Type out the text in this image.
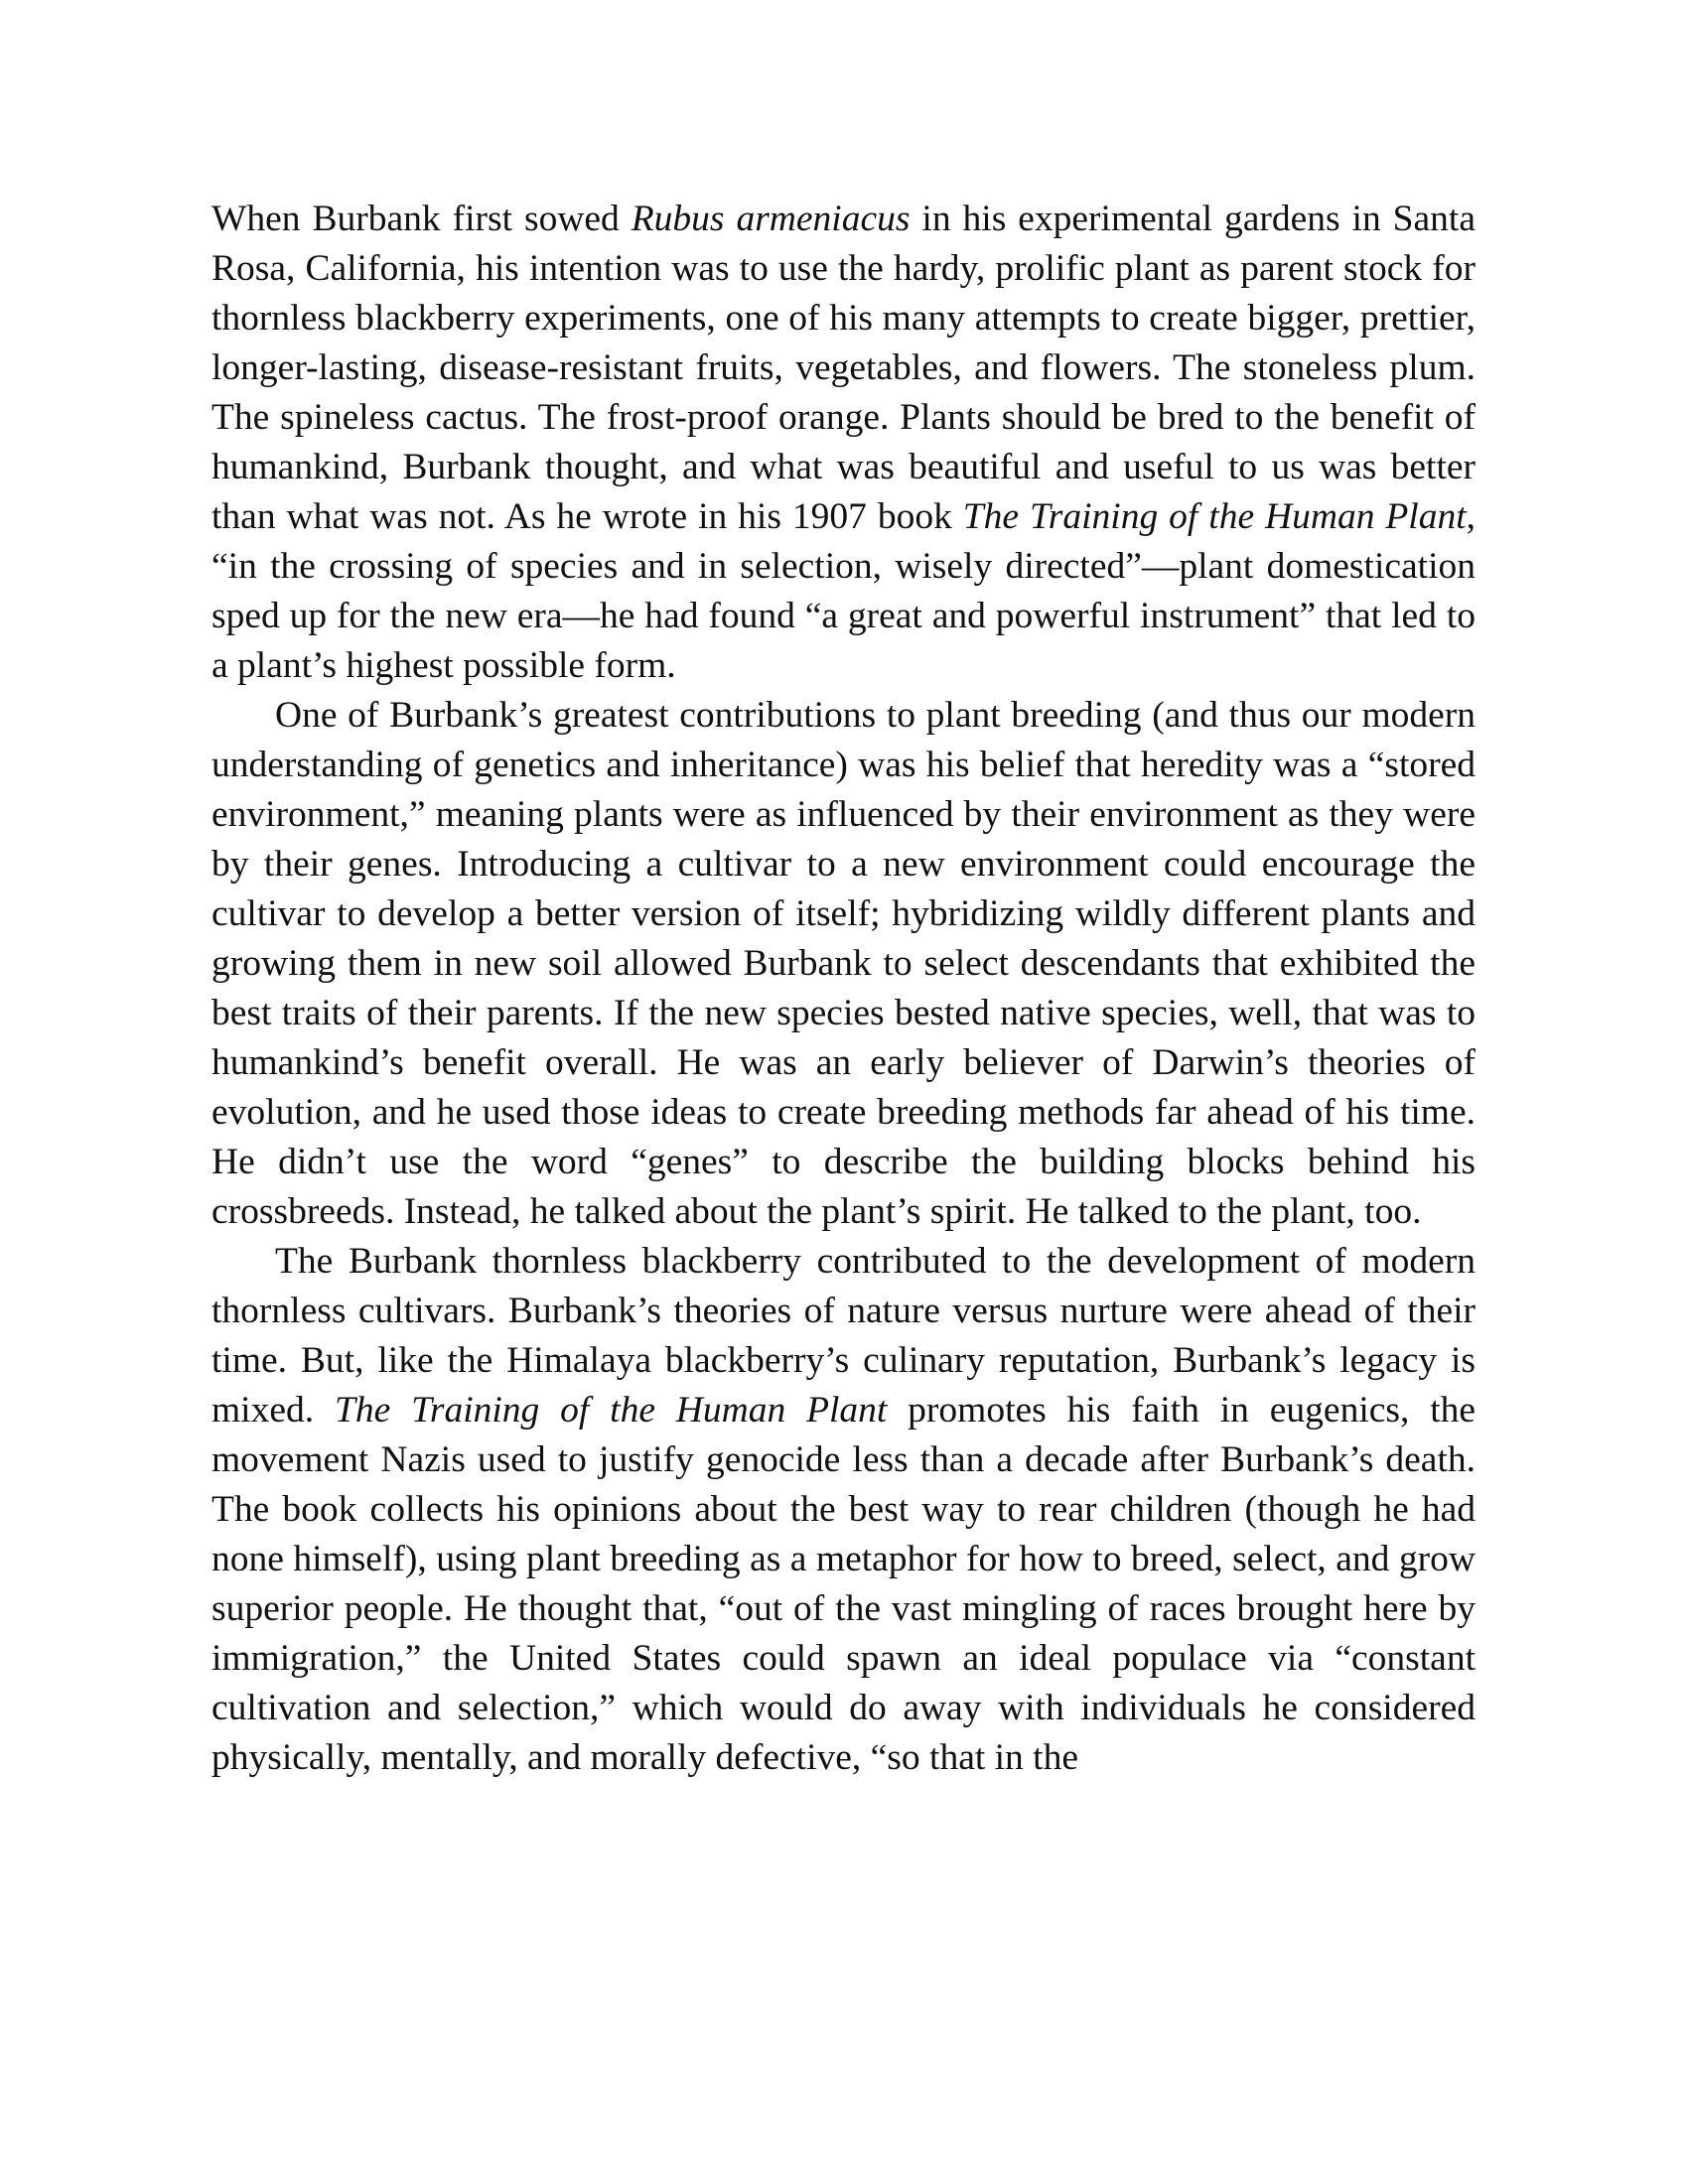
When Burbank first sowed Rubus armeniacus in his experimental gardens in Santa Rosa, California, his intention was to use the hardy, prolific plant as parent stock for thornless blackberry experiments, one of his many attempts to create bigger, prettier, longer-lasting, disease-resistant fruits, vegetables, and flowers. The stoneless plum. The spineless cactus. The frost-proof orange. Plants should be bred to the benefit of humankind, Burbank thought, and what was beautiful and useful to us was better than what was not. As he wrote in his 1907 book The Training of the Human Plant, “in the crossing of species and in selection, wisely directed”—plant domestication sped up for the new era—he had found “a great and powerful instrument” that led to a plant’s highest possible form.

One of Burbank’s greatest contributions to plant breeding (and thus our modern understanding of genetics and inheritance) was his belief that heredity was a “stored environment,” meaning plants were as influenced by their environment as they were by their genes. Introducing a cultivar to a new environment could encourage the cultivar to develop a better version of itself; hybridizing wildly different plants and growing them in new soil allowed Burbank to select descendants that exhibited the best traits of their parents. If the new species bested native species, well, that was to humankind’s benefit overall. He was an early believer of Darwin’s theories of evolution, and he used those ideas to create breeding methods far ahead of his time. He didn’t use the word “genes” to describe the building blocks behind his crossbreeds. Instead, he talked about the plant’s spirit. He talked to the plant, too.

The Burbank thornless blackberry contributed to the development of modern thornless cultivars. Burbank’s theories of nature versus nurture were ahead of their time. But, like the Himalaya blackberry’s culinary reputation, Burbank’s legacy is mixed. The Training of the Human Plant promotes his faith in eugenics, the movement Nazis used to justify genocide less than a decade after Burbank’s death. The book collects his opinions about the best way to rear children (though he had none himself), using plant breeding as a metaphor for how to breed, select, and grow superior people. He thought that, “out of the vast mingling of races brought here by immigration,” the United States could spawn an ideal populace via “constant cultivation and selection,” which would do away with individuals he considered physically, mentally, and morally defective, “so that in the
